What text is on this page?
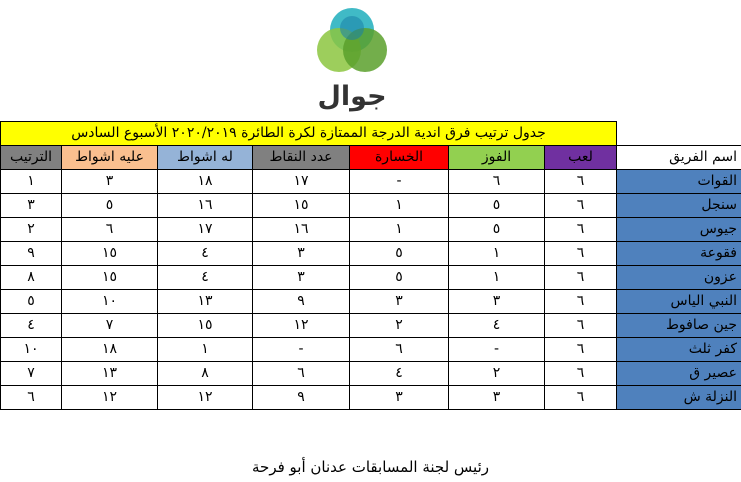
جوال
	جدول ترتيب فرق اندية الدرجة الممتازة لكرة الطائرة ٢٠٢٠/٢٠١٩ الأسبوع السادس						
اسم الفريق	لعب	الفوز	الخسارة	عدد النقاط	له اشواط	عليه اشواط	الترتيب
القوات	٦	٦	-	١٧	١٨	٣	١
سنجل	٦	٥	١	١٥	١٦	٥	٣
جيوس	٦	٥	١	١٦	١٧	٦	٢
فقوعة	٦	١	٥	٣	٤	١٥	٩
عزون	٦	١	٥	٣	٤	١٥	٨
النبي الياس	٦	٣	٣	٩	١٣	١٠	٥
جين صافوط	٦	٤	٢	١٢	١٥	٧	٤
كفر ثلث	٦	-	٦	-	١	١٨	١٠
عصير ق	٦	٢	٤	٦	٨	١٣	٧
النزلة ش	٦	٣	٣	٩	١٢	١٢	٦
رئيس لجنة المسابقات عدنان أبو فرحة
